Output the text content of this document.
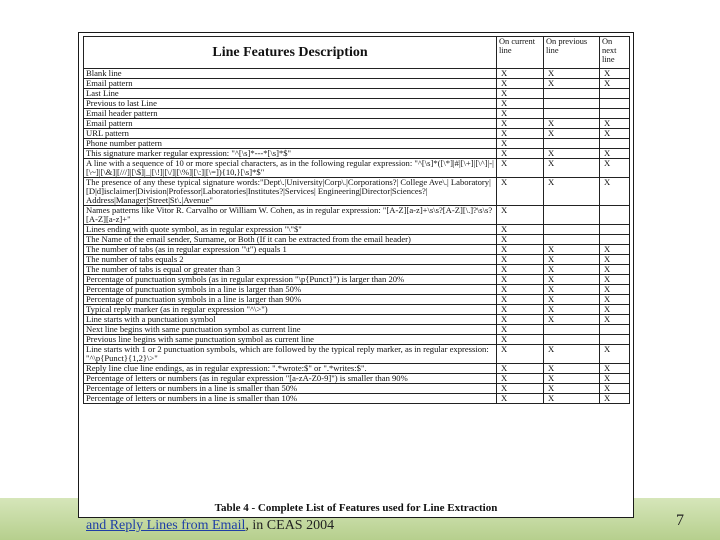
and Reply Lines from Email, in CEAS 2004	7
Line Features Description	On current line	On previous line	On next line
Blank line	X	X	X
Email pattern	X	X	X
Last Line	X		
Previous to last Line	X		
Email header pattern	X		
Email pattern	X	X	X
URL pattern	X	X	X
Phone number pattern	X		
This signature marker regular expression: "^[\s]*---*[\s]*$"	X	X	X
A line with a sequence of 10 or more special characters, as in the following regular expression: "^[\s]*([\*]|#|[\+]|[\^]|-|[\~]|[\&]|[///]|[\$]|_|[\!]|[\/]|[\%]|[\:]|[\=]){10,}[\s]*$"	X	X	X
The presence of any these typical signature words:"Dept\.|University|Corp\.|Corporations?| College Ave\.| Laboratory|[D|d]isclaimer|Division|Professor|Laboratories|Institutes?|Services| Engineering|Director|Sciences?| Address|Manager|Street|St\.|Avenue"	X	X	X
Names patterns like Vitor R. Carvalho or William W. Cohen, as in regular expression: "[A-Z][a-z]+\s\s?[A-Z][\.]?\s\s?[A-Z][a-z]+"	X		
Lines ending with quote symbol, as in regular expression "\"$"	X		
The Name of the email sender, Surname, or Both (If it can be extracted from the email header)	X		
The number of tabs (as in regular expression "\t") equals 1	X	X	X
The number of tabs equals 2	X	X	X
The number of tabs is equal or greater than 3	X	X	X
Percentage of punctuation symbols (as in regular expression "\p{Punct}") is larger than 20%	X	X	X
Percentage of punctuation symbols in a line is larger than 50%	X	X	X
Percentage of punctuation symbols in a line is larger than 90%	X	X	X
Typical reply marker (as in regular expression "^\>")	X	X	X
Line starts with a punctuation symbol	X	X	X
Next line begins with same punctuation symbol as current line	X		
Previous line begins with same punctuation symbol as current line	X		
Line starts with 1 or 2 punctuation symbols, which are followed by the typical reply marker, as in regular expression: "^\p{Punct}{1,2}\>"	X	X	X
Reply line clue line endings, as in regular expression: ".*wrote:$" or ".*writes:$".	X	X	X
Percentage of letters or numbers (as in regular expression "[a-zA-Z0-9]") is smaller than 90%	X	X	X
Percentage of letters or numbers in a line is smaller than 50%	X	X	X
Percentage of letters or numbers in a line is smaller than 10%	X	X	X
Table 4 - Complete List of Features used for Line Extraction
